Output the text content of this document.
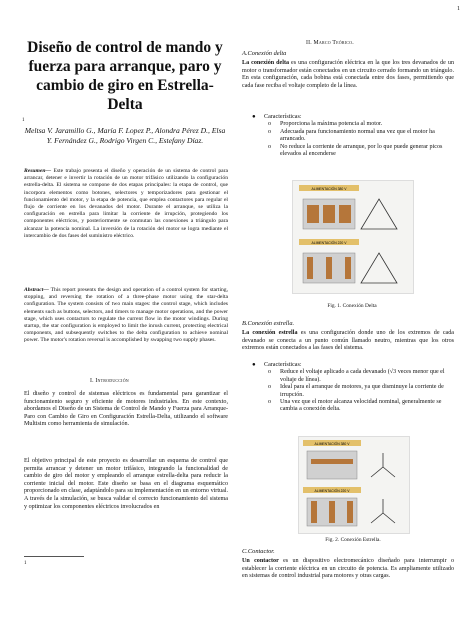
1
Diseño de control de mando y fuerza para arranque, paro y cambio de giro en Estrella-Delta
1
Meltsa V. Jaramillo G., María F. Lopez P., Alondra Pérez D., Elsa Y. Fernández G., Rodrigo Virgen C., Estefany Díaz.
Resumen— Este trabajo presenta el diseño y operación de un sistema de control para arrancar, detener e invertir la rotación de un motor trifásico utilizando la configuración estrella-delta. El sistema se compone de dos etapas principales: la etapa de control, que incorpora elementos como botones, selectores y temporizadores para gestionar el funcionamiento del motor, y la etapa de potencia, que emplea contactores para regular el flujo de corriente en los devanados del motor. Durante el arranque, se utiliza la configuración en estrella para limitar la corriente de irrupción, protegiendo los componentes eléctricos, y posteriormente se conmutan las conexiones a triángulo para alcanzar la potencia nominal. La inversión de la rotación del motor se logra mediante el intercambio de dos fases del suministro eléctrico.
Abstract— This report presents the design and operation of a control system for starting, stopping, and reversing the rotation of a three-phase motor using the star-delta configuration. The system consists of two main stages: the control stage, which includes elements such as buttons, selectors, and timers to manage motor operations, and the power stage, which uses contactors to regulate the current flow in the motor windings. During startup, the star configuration is employed to limit the inrush current, protecting electrical components, and subsequently switches to the delta configuration to achieve nominal power. The motor's rotation reversal is accomplished by swapping two supply phases.
I. Introducción
El diseño y control de sistemas eléctricos es fundamental para garantizar el funcionamiento seguro y eficiente de motores industriales. En este contexto, abordamos el Diseño de un Sistema de Control de Mando y Fuerza para Arranque-Paro con Cambio de Giro en Configuración Estrella-Delta, utilizando el software Multisim como herramienta de simulación.
El objetivo principal de este proyecto es desarrollar un esquema de control que permita arrancar y detener un motor trifásico, integrando la funcionalidad de cambio de giro del motor y empleando el arranque estrella-delta para reducir la corriente inicial del motor. Este diseño se basa en el diagrama esquemático proporcionado en clase, adaptándolo para su implementación en un entorno virtual. A través de la simulación, se busca validar el correcto funcionamiento del sistema y optimizar los componentes eléctricos involucrados en
1
II. Marco Teórico.
A.Conexión delta
La conexión delta es una configuración eléctrica en la que los tres devanados de un motor o transformador están conectados en un circuito cerrado formando un triángulo. En esta configuración, cada bobina está conectada entre dos fases, permitiendo que cada fase reciba el voltaje completo de la línea.
● Características:
o Proporciona la máxima potencia al motor.
o Adecuada para funcionamiento normal una vez que el motor ha arrancado.
o No reduce la corriente de arranque, por lo que puede generar picos elevados al encenderse
ALIMENTACIÓN 380 V
ALIMENTACIÓN 220 V
Fig. 1. Conexión Delta
B.Conexión estrella.
La conexión estrella es una configuración donde uno de los extremos de cada devanado se conecta a un punto común llamado neutro, mientras que los otros extremos están conectados a las fases del sistema.
● Características:
o Reduce el voltaje aplicado a cada devanado (√3 veces menor que el voltaje de línea).
o Ideal para el arranque de motores, ya que disminuye la corriente de irrupción.
o Una vez que el motor alcanza velocidad nominal, generalmente se cambia a conexión delta.
ALIMENTACIÓN 380 V
ALIMENTACIÓN 220 V
Fig. 2. Conexión Estrella.
C.Contactor.
Un contactor es un dispositivo electromecánico diseñado para interrumpir o establecer la corriente eléctrica en un circuito de potencia. Es ampliamente utilizado en sistemas de control industrial para motores y otras cargas.
